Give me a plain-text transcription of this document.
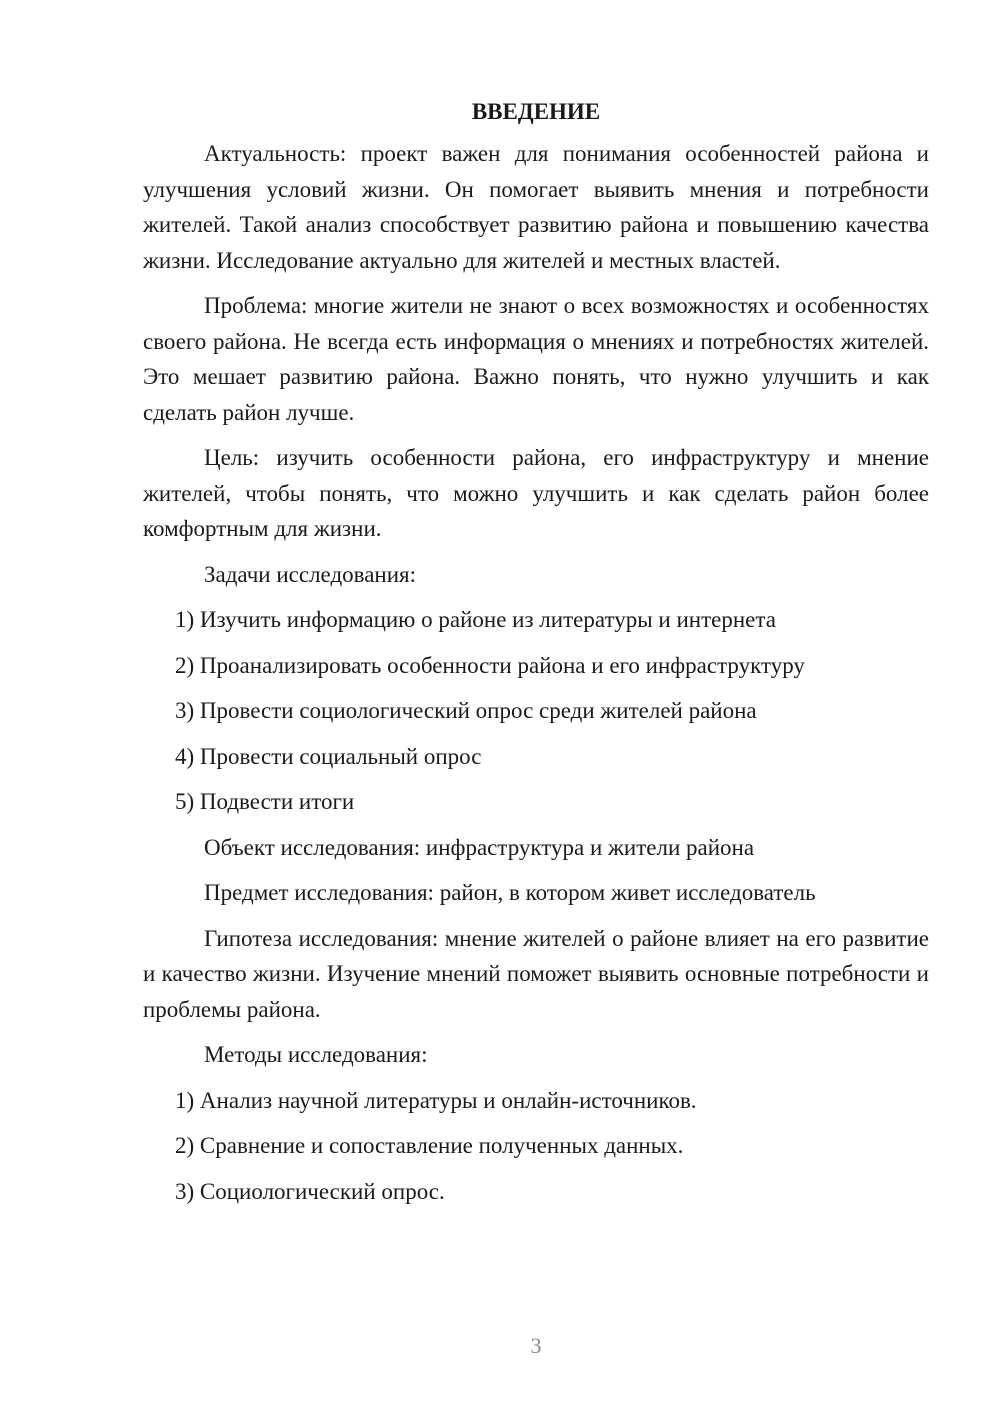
ВВЕДЕНИЕ

Актуальность: проект важен для понимания особенностей района и улучшения условий жизни. Он помогает выявить мнения и потребности жителей. Такой анализ способствует развитию района и повышению качества жизни. Исследование актуально для жителей и местных властей.

Проблема: многие жители не знают о всех возможностях и особенностях своего района. Не всегда есть информация о мнениях и потребностях жителей. Это мешает развитию района. Важно понять, что нужно улучшить и как сделать район лучше.

Цель: изучить особенности района, его инфраструктуру и мнение жителей, чтобы понять, что можно улучшить и как сделать район более комфортным для жизни.

Задачи исследования:

1) Изучить информацию о районе из литературы и интернета
2) Проанализировать особенности района и его инфраструктуру
3) Провести социологический опрос среди жителей района
4) Провести социальный опрос
5) Подвести итоги

Объект исследования: инфраструктура и жители района

Предмет исследования: район, в котором живет исследователь

Гипотеза исследования: мнение жителей о районе влияет на его развитие и качество жизни. Изучение мнений поможет выявить основные потребности и проблемы района.

Методы исследования:

1) Анализ научной литературы и онлайн-источников.
2) Сравнение и сопоставление полученных данных.
3) Социологический опрос.
3
